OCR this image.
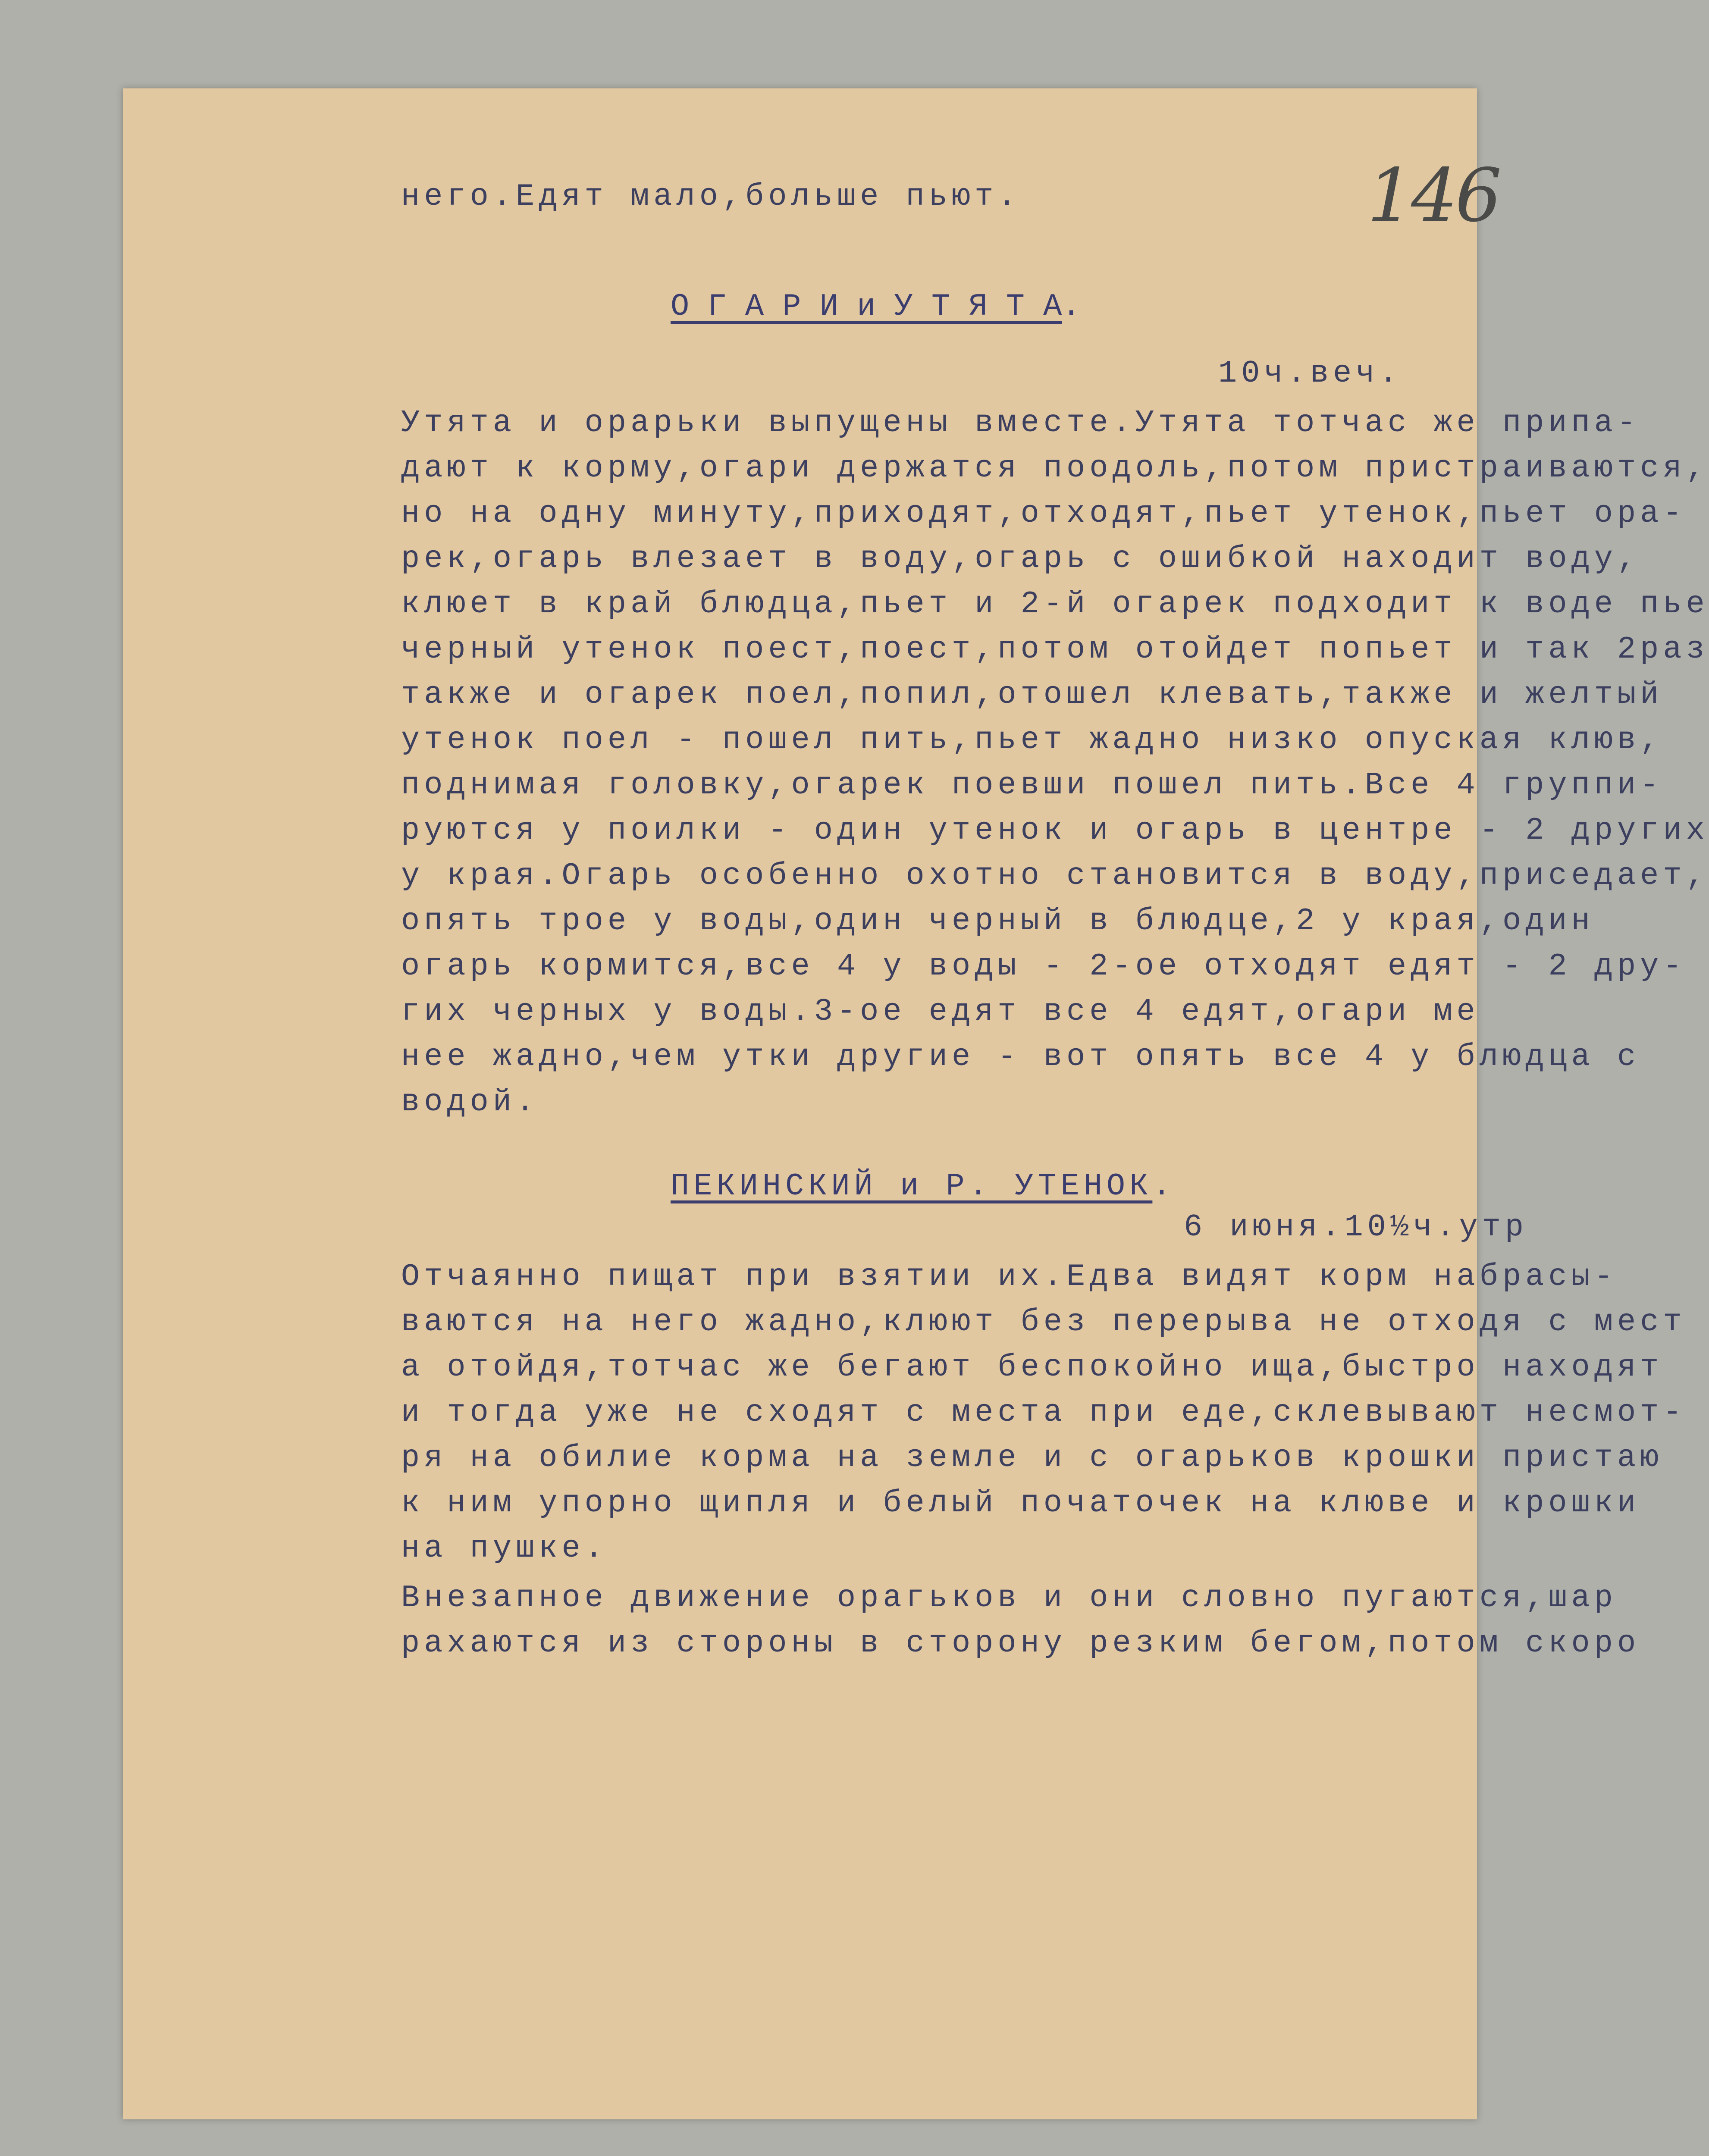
146
него.Едят мало,больше пьют.
О Г А Р И и У Т Я Т А.
10ч.веч.
Утята и орарьки выпущены вместе.Утята тотчас же припа-
дают к корму,огари держатся поодоль,потом пристраиваются,
но на одну минуту,приходят,отходят,пьет утенок,пьет ора-
рек,огарь влезает в воду,огарь с ошибкой находит воду,
клюет в край блюдца,пьет и 2-й огарек подходит к воде пье
черный утенок поест,поест,потом отойдет попьет и так 2раз
также и огарек поел,попил,отошел клевать,также и желтый
утенок поел - пошел пить,пьет жадно низко опуская клюв,
поднимая головку,огарек поевши пошел пить.Все 4 группи-
руются у поилки - один утенок и огарь в центре - 2 других
у края.Огарь особенно охотно становится в воду,приседает,
опять трое у воды,один черный в блюдце,2 у края,один
огарь кормится,все 4 у воды - 2-ое отходят едят - 2 дру-
гих черных у воды.3-ое едят все 4 едят,огари ме
нее жадно,чем утки другие - вот опять все 4 у блюдца с
водой.
ПЕКИНСКИЙ и Р. УТЕНОК.
6 июня.10½ч.утр
Отчаянно пищат при взятии их.Едва видят корм набрасы-
ваются на него жадно,клюют без перерыва не отходя с мест
а отойдя,тотчас же бегают беспокойно ища,быстро находят
и тогда уже не сходят с места при еде,склевывают несмот-
ря на обилие корма на земле и с огарьков крошки пристаю
к ним упорно щипля и белый початочек на клюве и крошки
на пушке.
Внезапное движение орагьков и они словно пугаются,шар
рахаются из стороны в сторону резким бегом,потом скоро
